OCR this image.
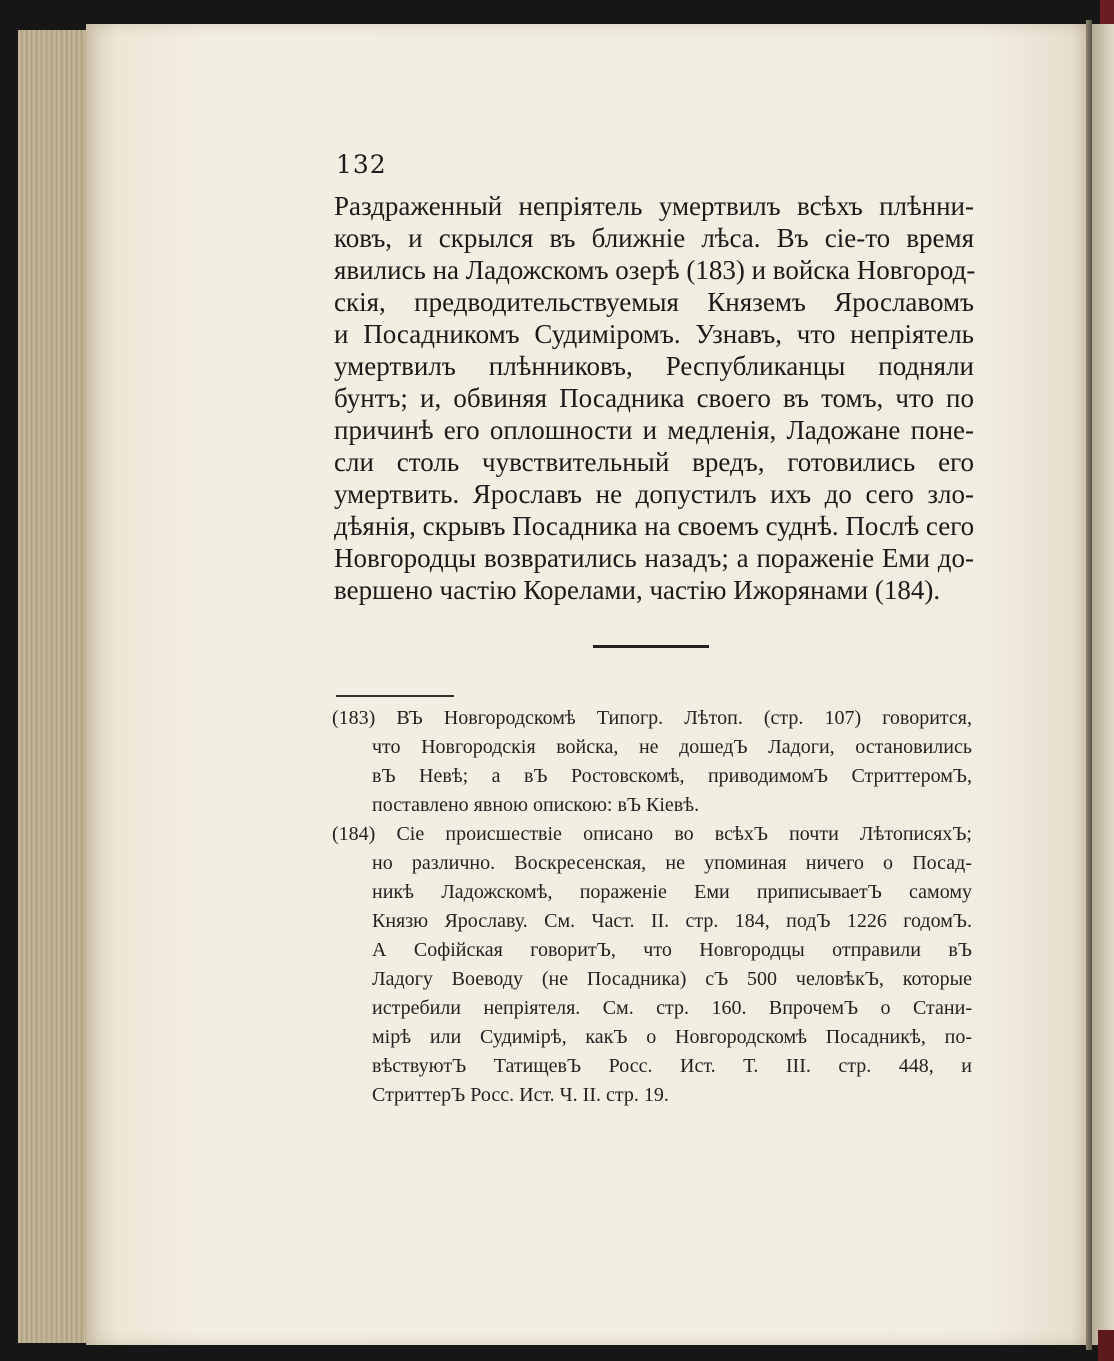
132
Раздраженный непріятель умертвилъ всѣхъ плѣнни-
ковъ, и скрылся въ ближніе лѣса. Въ сіе-то время
явились на Ладожскомъ озерѣ (183) и войска Новгород-
скія, предводительствуемыя Княземъ Ярославомъ
и Посадникомъ Судиміромъ. Узнавъ, что непріятель
умертвилъ плѣнниковъ, Республиканцы подняли
бунтъ; и, обвиняя Посадника своего въ томъ, что по
причинѣ его оплошности и медленія, Ладожане поне-
сли столь чувствительный вредъ, готовились его
умертвить. Ярославъ не допустилъ ихъ до сего зло-
дѣянія, скрывъ Посадника на своемъ суднѣ. Послѣ сего
Новгородцы возвратились назадъ; а пораженіе Еми до-
вершено частію Корелами, частію Ижорянами (184).
(183) ВЪ Новгородскомѣ Типогр. Лѣтоп. (стр. 107) говорится,
что Новгородскія войска, не дошедЪ Ладоги, остановились
вЪ Невѣ; а вЪ Ростовскомѣ, приводимомЪ СтриттеромЪ,
поставлено явною опискою: вЪ Кіевѣ.
(184) Сіе происшествіе описано во всѣхЪ почти ЛѣтописяхЪ;
но различно. Воскресенская, не упоминая ничего о Посад-
никѣ Ладожскомѣ, пораженіе Еми приписываетЪ самому
Князю Ярославу. См. Част. II. стр. 184, подЪ 1226 годомЪ.
А Софійская говоритЪ, что Новгородцы отправили вЪ
Ладогу Воеводу (не Посадника) сЪ 500 человѣкЪ, которые
истребили непріятеля. См. стр. 160. ВпрочемЪ о Стани-
мірѣ или Судимірѣ, какЪ о Новгородскомѣ Посадникѣ, по-
вѣствуютЪ ТатищевЪ Росс. Ист. Т. III. стр. 448, и
СтриттерЪ Росс. Ист. Ч. II. стр. 19.
